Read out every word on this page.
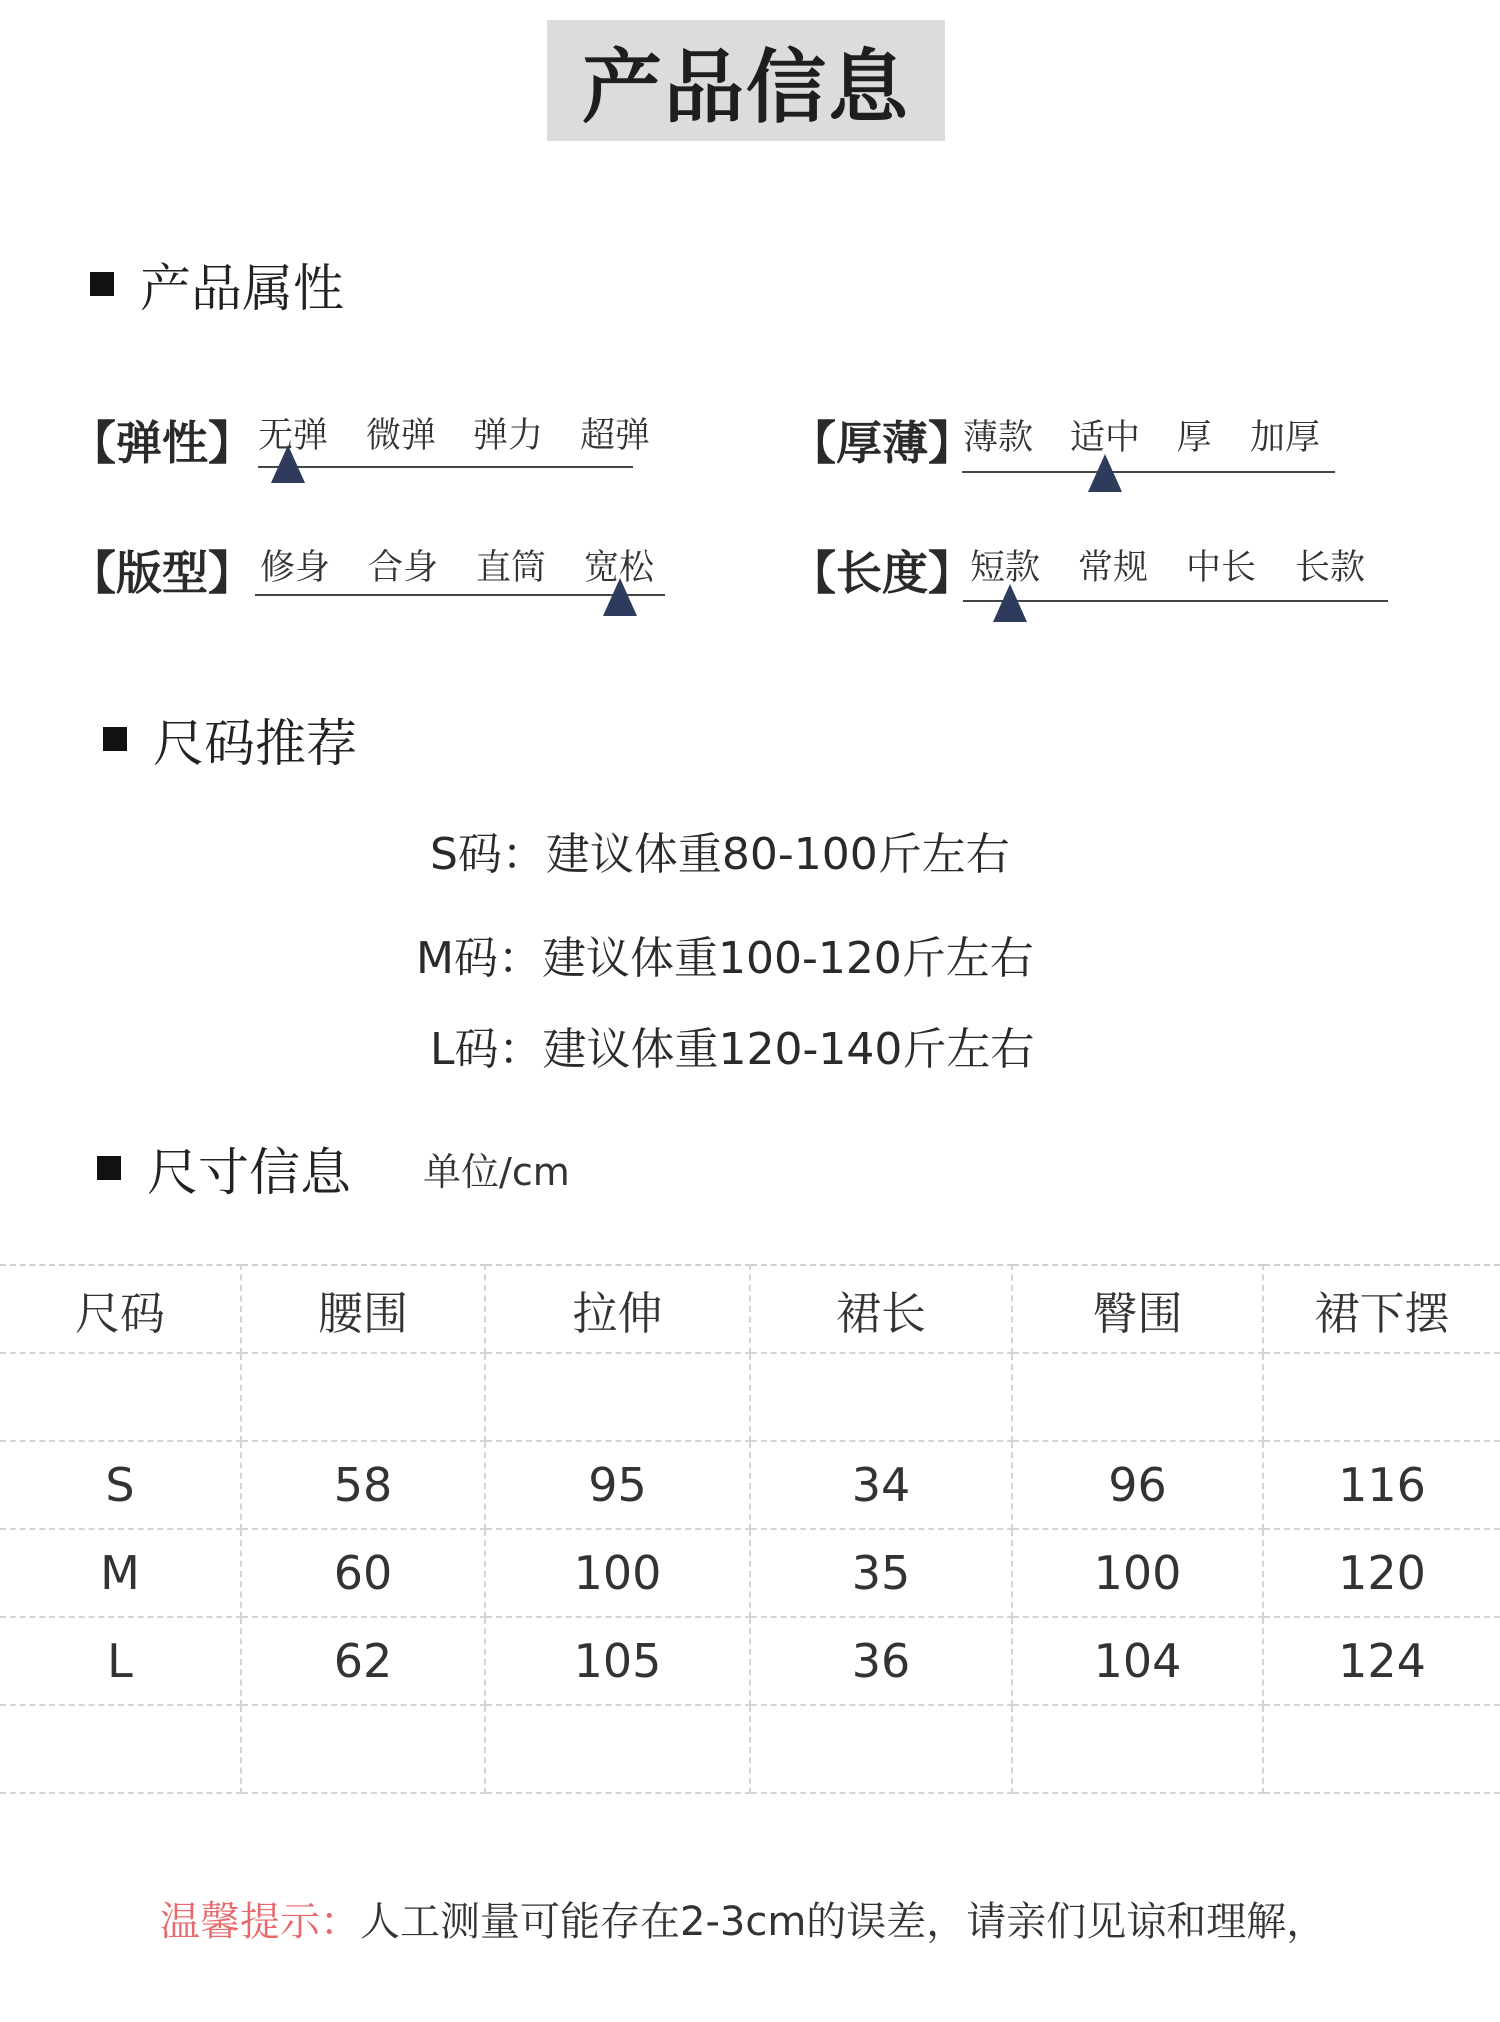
产品信息
产品属性
【弹性】 无弹 微弹 弹力 超弹	【厚薄】
薄款 适中 厚 加厚
【版型】 修身 合身 直筒 宽松	【长度】
短款 常规 中长 长款
尺码推荐
S码：建议体重80-100斤左右
M码：建议体重100-120斤左右
L码：建议体重120-140斤左右
尺寸信息 单位/cm
尺码	腰围	拉伸	裙长	臀围	裙下摆

S	58	95	34	96	116
M	60	100	35	100	120
L	62	105	36	104	124

温馨提示：人工测量可能存在2-3cm的误差，请亲们见谅和理解，
